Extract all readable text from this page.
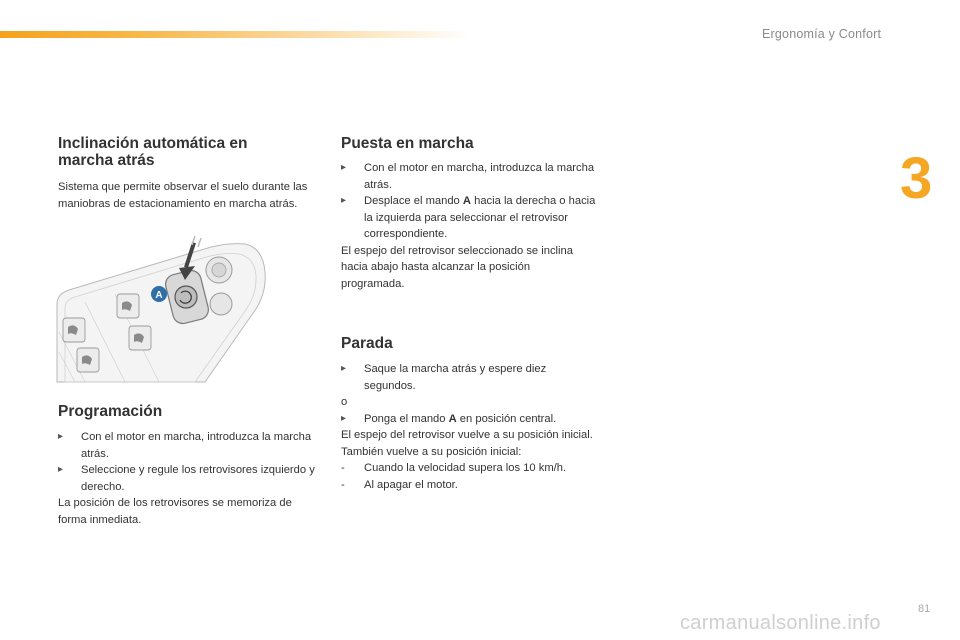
Ergonomía y Confort
3
Inclinación automática en marcha atrás

Sistema que permite observar el suelo durante las maniobras de estacionamiento en marcha atrás.

A
Programación
▸	Con el motor en marcha, introduzca la marcha atrás.
▸	Seleccione y regule los retrovisores izquierdo y derecho.

La posición de los retrovisores se memoriza de forma inmediata.

Puesta en marcha
▸	Con el motor en marcha, introduzca la marcha atrás.
▸	Desplace el mando A hacia la derecha o hacia la izquierda para seleccionar el retrovisor correspondiente.

El espejo del retrovisor seleccionado se inclina hacia abajo hasta alcanzar la posición programada.

Parada
▸	Saque la marcha atrás y espere diez segundos.

o

▸	Ponga el mando A en posición central.

El espejo del retrovisor vuelve a su posición inicial.

También vuelve a su posición inicial:

- Cuando la velocidad supera los 10 km/h.
- Al apagar el motor.
81
carmanualsonline.info
